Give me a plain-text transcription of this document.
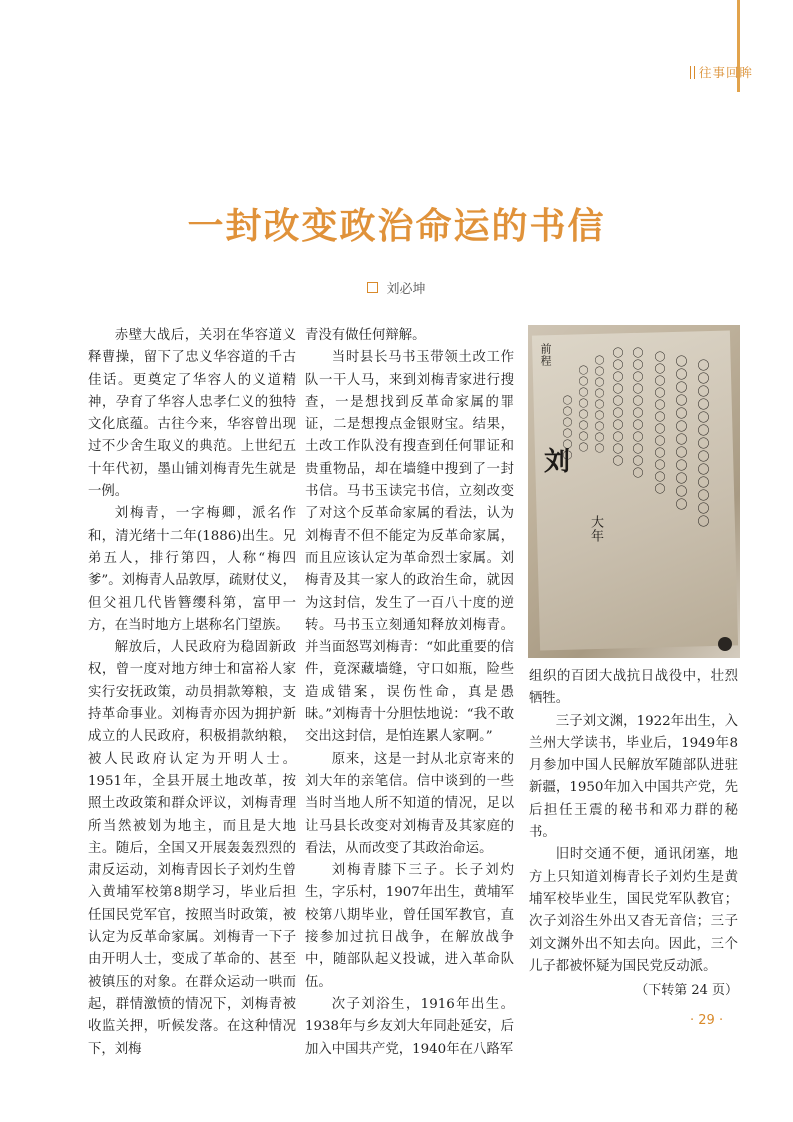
往事回眸
一封改变政治命运的书信
刘必坤

赤壁大战后，关羽在华容道义释曹操，留下了忠义华容道的千古佳话。更奠定了华容人的义道精神，孕育了华容人忠孝仁义的独特文化底蕴。古往今来，华容曾出现过不少舍生取义的典范。上世纪五十年代初，墨山铺刘梅青先生就是一例。

刘梅青，一字梅卿，派名作和，清光绪十二年(1886)出生。兄弟五人，排行第四，人称“梅四爹”。刘梅青人品敦厚，疏财仗义，但父祖几代皆簪缨科第，富甲一方，在当时地方上堪称名门望族。

解放后，人民政府为稳固新政权，曾一度对地方绅士和富裕人家实行安抚政策，动员捐款筹粮，支持革命事业。刘梅青亦因为拥护新成立的人民政府，积极捐款纳粮，被人民政府认定为开明人士。1951年，全县开展土地改革，按照土改政策和群众评议，刘梅青理所当然被划为地主，而且是大地主。随后，全国又开展轰轰烈烈的肃反运动，刘梅青因长子刘灼生曾入黄埔军校第8期学习，毕业后担任国民党军官，按照当时政策，被认定为反革命家属。刘梅青一下子由开明人士，变成了革命的、甚至被镇压的对象。在群众运动一哄而起，群情激愤的情况下，刘梅青被收监关押，听候发落。在这种情况下，刘梅

青没有做任何辩解。

当时县长马书玉带领土改工作队一干人马，来到刘梅青家进行搜查，一是想找到反革命家属的罪证，二是想搜点金银财宝。结果，土改工作队没有搜查到任何罪证和贵重物品，却在墙缝中搜到了一封书信。马书玉读完书信，立刻改变了对这个反革命家属的看法，认为刘梅青不但不能定为反革命家属，而且应该认定为革命烈士家属。刘梅青及其一家人的政治生命，就因为这封信，发生了一百八十度的逆转。马书玉立刻通知释放刘梅青。并当面怒骂刘梅青：“如此重要的信件，竟深藏墙缝，守口如瓶，险些造成错案，误伤性命，真是愚昧。”刘梅青十分胆怯地说：“我不敢交出这封信，是怕连累人家啊。”

原来，这是一封从北京寄来的刘大年的亲笔信。信中谈到的一些当时当地人所不知道的情况，足以让马县长改变对刘梅青及其家庭的看法，从而改变了其政治命运。

刘梅青膝下三子。长子刘灼生，字乐村，1907年出生，黄埔军校第八期毕业，曾任国军教官，直接参加过抗日战争，在解放战争中，随部队起义投诚，进入革命队伍。

次子刘浴生，1916年出生。1938年与乡友刘大年同赴延安，后加入中国共产党，1940年在八路军

前程
〇〇〇〇〇〇 〇〇〇〇〇〇〇〇 〇〇〇〇〇〇〇〇〇 〇〇〇〇〇〇〇〇〇〇 〇〇〇〇〇〇〇〇〇〇〇 〇〇〇〇〇〇〇〇〇〇〇〇 〇〇〇〇〇〇〇〇〇〇〇〇 〇〇〇〇〇〇〇〇〇〇〇〇〇
刘
大年

组织的百团大战抗日战役中，壮烈牺牲。

三子刘文渊，1922年出生，入兰州大学读书，毕业后，1949年8月参加中国人民解放军随部队进驻新疆，1950年加入中国共产党，先后担任王震的秘书和邓力群的秘书。

旧时交通不便，通讯闭塞，地方上只知道刘梅青长子刘灼生是黄埔军校毕业生，国民党军队教官；次子刘浴生外出又杳无音信；三子刘文渊外出不知去向。因此，三个儿子都被怀疑为国民党反动派。

（下转第 24 页）
· 29 ·
